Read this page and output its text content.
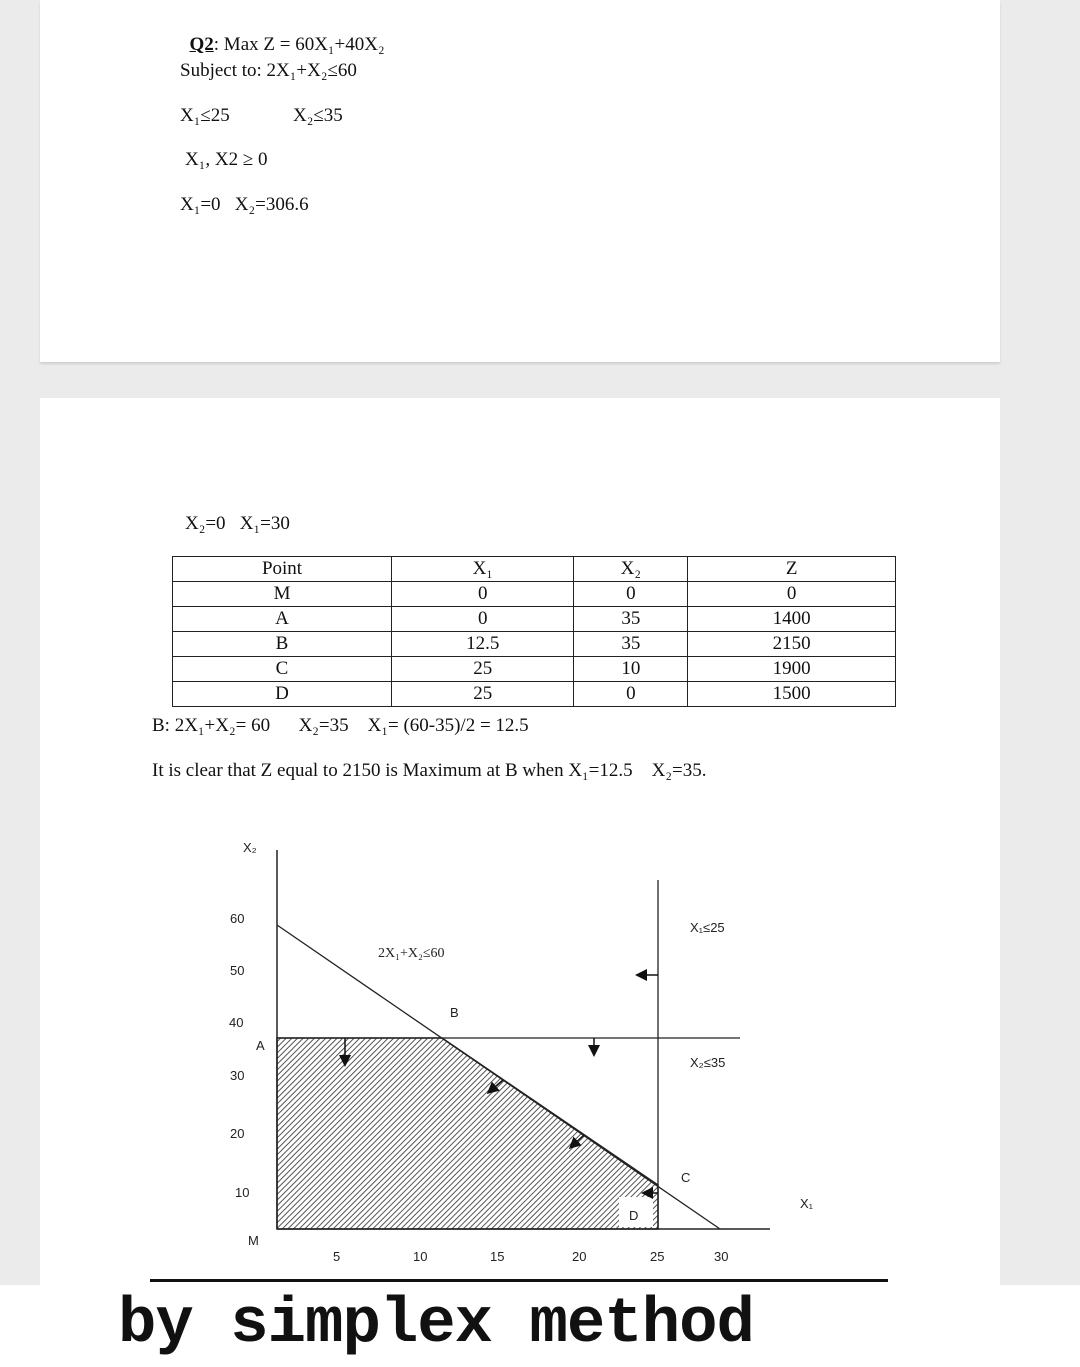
Q2: Max Z = 60X₁+40X₂

Subject to: 2X₁+X₂≤60
X₁≤25	X₂≤35
X₁, X2 ≥ 0
X₁=0   X₂=306.6
X₂=0   X₁=30
Point	X₁	X₂	Z
M	0	0	0
A	0	35	1400
B	12.5	35	2150
C	25	10	1900
D	25	0	1500
B: 2X₁+X₂= 60      X₂=35    X₁= (60-35)/2 = 12.5
It is clear that Z equal to 2150 is Maximum at B when X₁=12.5    X₂=35.
X₂
X₁
60
50
40
30
20
10
5	10	15	20	25	30
2X₁+X₂≤60
X₁≤25
X₂≤35
M
A
B
C
D
by simplex method
